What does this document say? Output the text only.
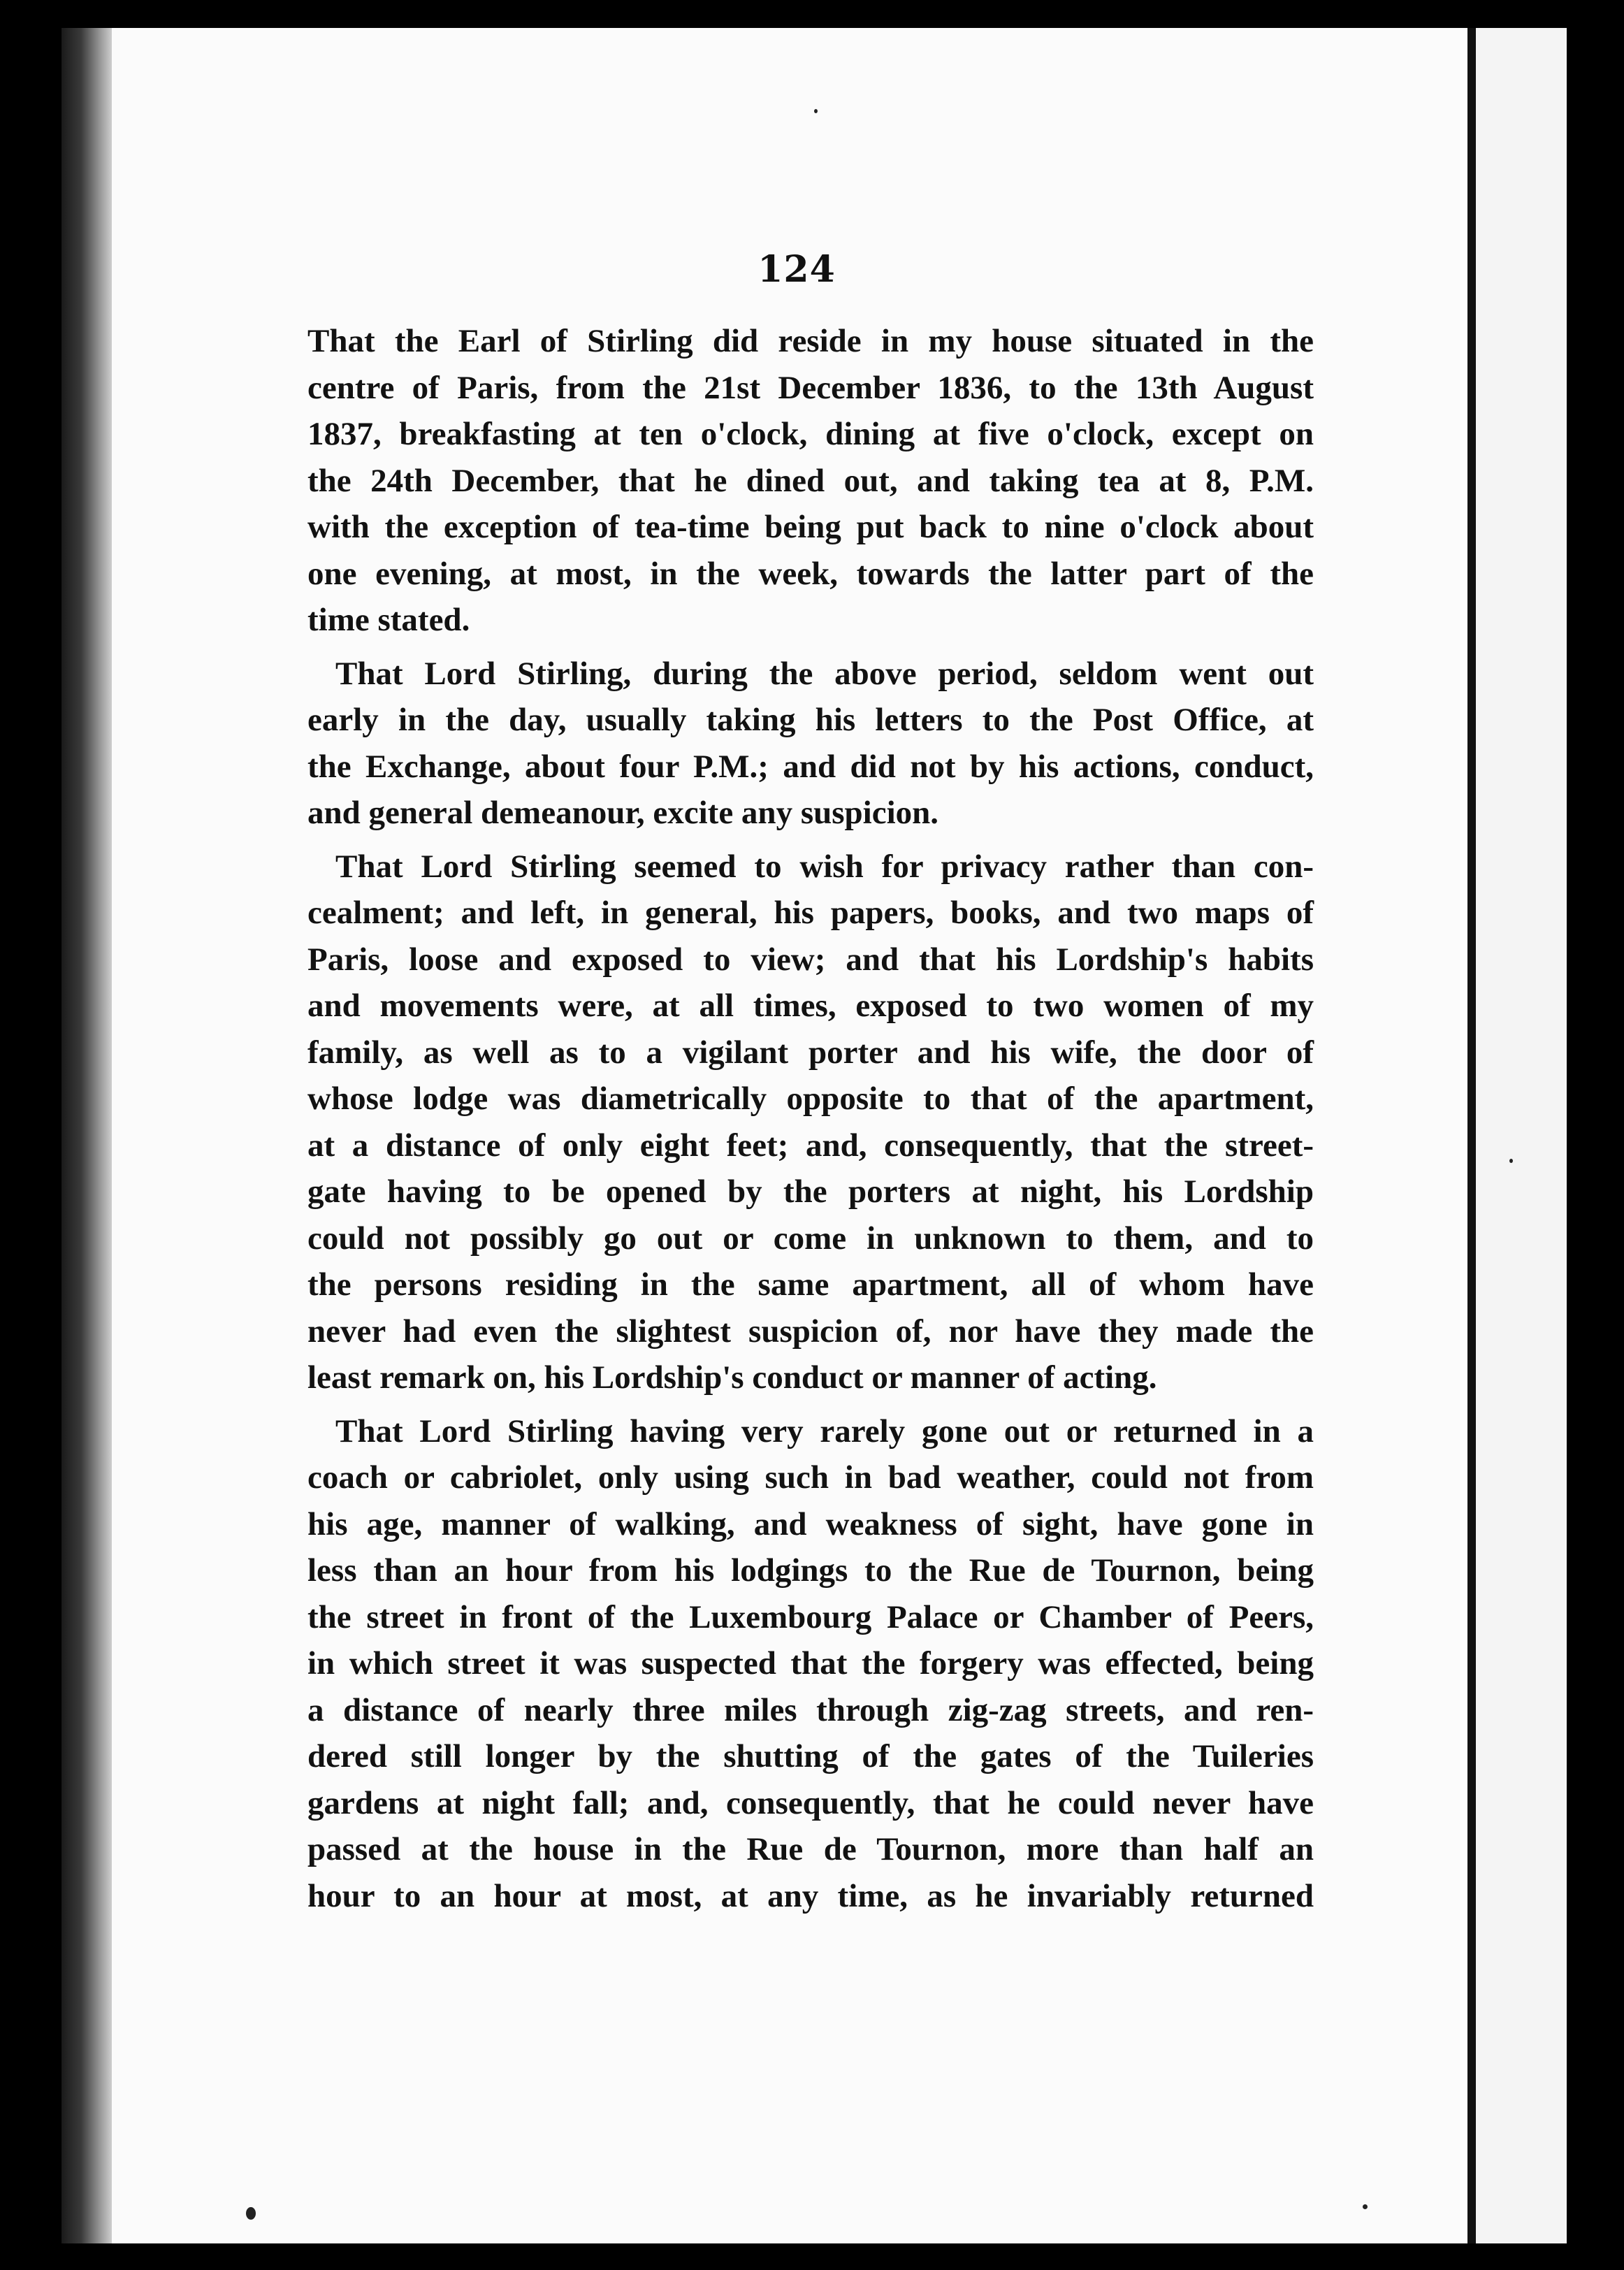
124
That the Earl of Stirling did reside in my house situated in the
centre of Paris, from the 21st December 1836, to the 13th August
1837, breakfasting at ten o'clock, dining at five o'clock, except on
the 24th December, that he dined out, and taking tea at 8, P.M.
with the exception of tea-time being put back to nine o'clock about
one evening, at most, in the week, towards the latter part of the
time stated.
That Lord Stirling, during the above period, seldom went out
early in the day, usually taking his letters to the Post Office, at
the Exchange, about four P.M.; and did not by his actions, conduct,
and general demeanour, excite any suspicion.
That Lord Stirling seemed to wish for privacy rather than con-
cealment; and left, in general, his papers, books, and two maps of
Paris, loose and exposed to view; and that his Lordship's habits
and movements were, at all times, exposed to two women of my
family, as well as to a vigilant porter and his wife, the door of
whose lodge was diametrically opposite to that of the apartment,
at a distance of only eight feet; and, consequently, that the street-
gate having to be opened by the porters at night, his Lordship
could not possibly go out or come in unknown to them, and to
the persons residing in the same apartment, all of whom have
never had even the slightest suspicion of, nor have they made the
least remark on, his Lordship's conduct or manner of acting.
That Lord Stirling having very rarely gone out or returned in a
coach or cabriolet, only using such in bad weather, could not from
his age, manner of walking, and weakness of sight, have gone in
less than an hour from his lodgings to the Rue de Tournon, being
the street in front of the Luxembourg Palace or Chamber of Peers,
in which street it was suspected that the forgery was effected, being
a distance of nearly three miles through zig-zag streets, and ren-
dered still longer by the shutting of the gates of the Tuileries
gardens at night fall; and, consequently, that he could never have
passed at the house in the Rue de Tournon, more than half an
hour to an hour at most, at any time, as he invariably returned
